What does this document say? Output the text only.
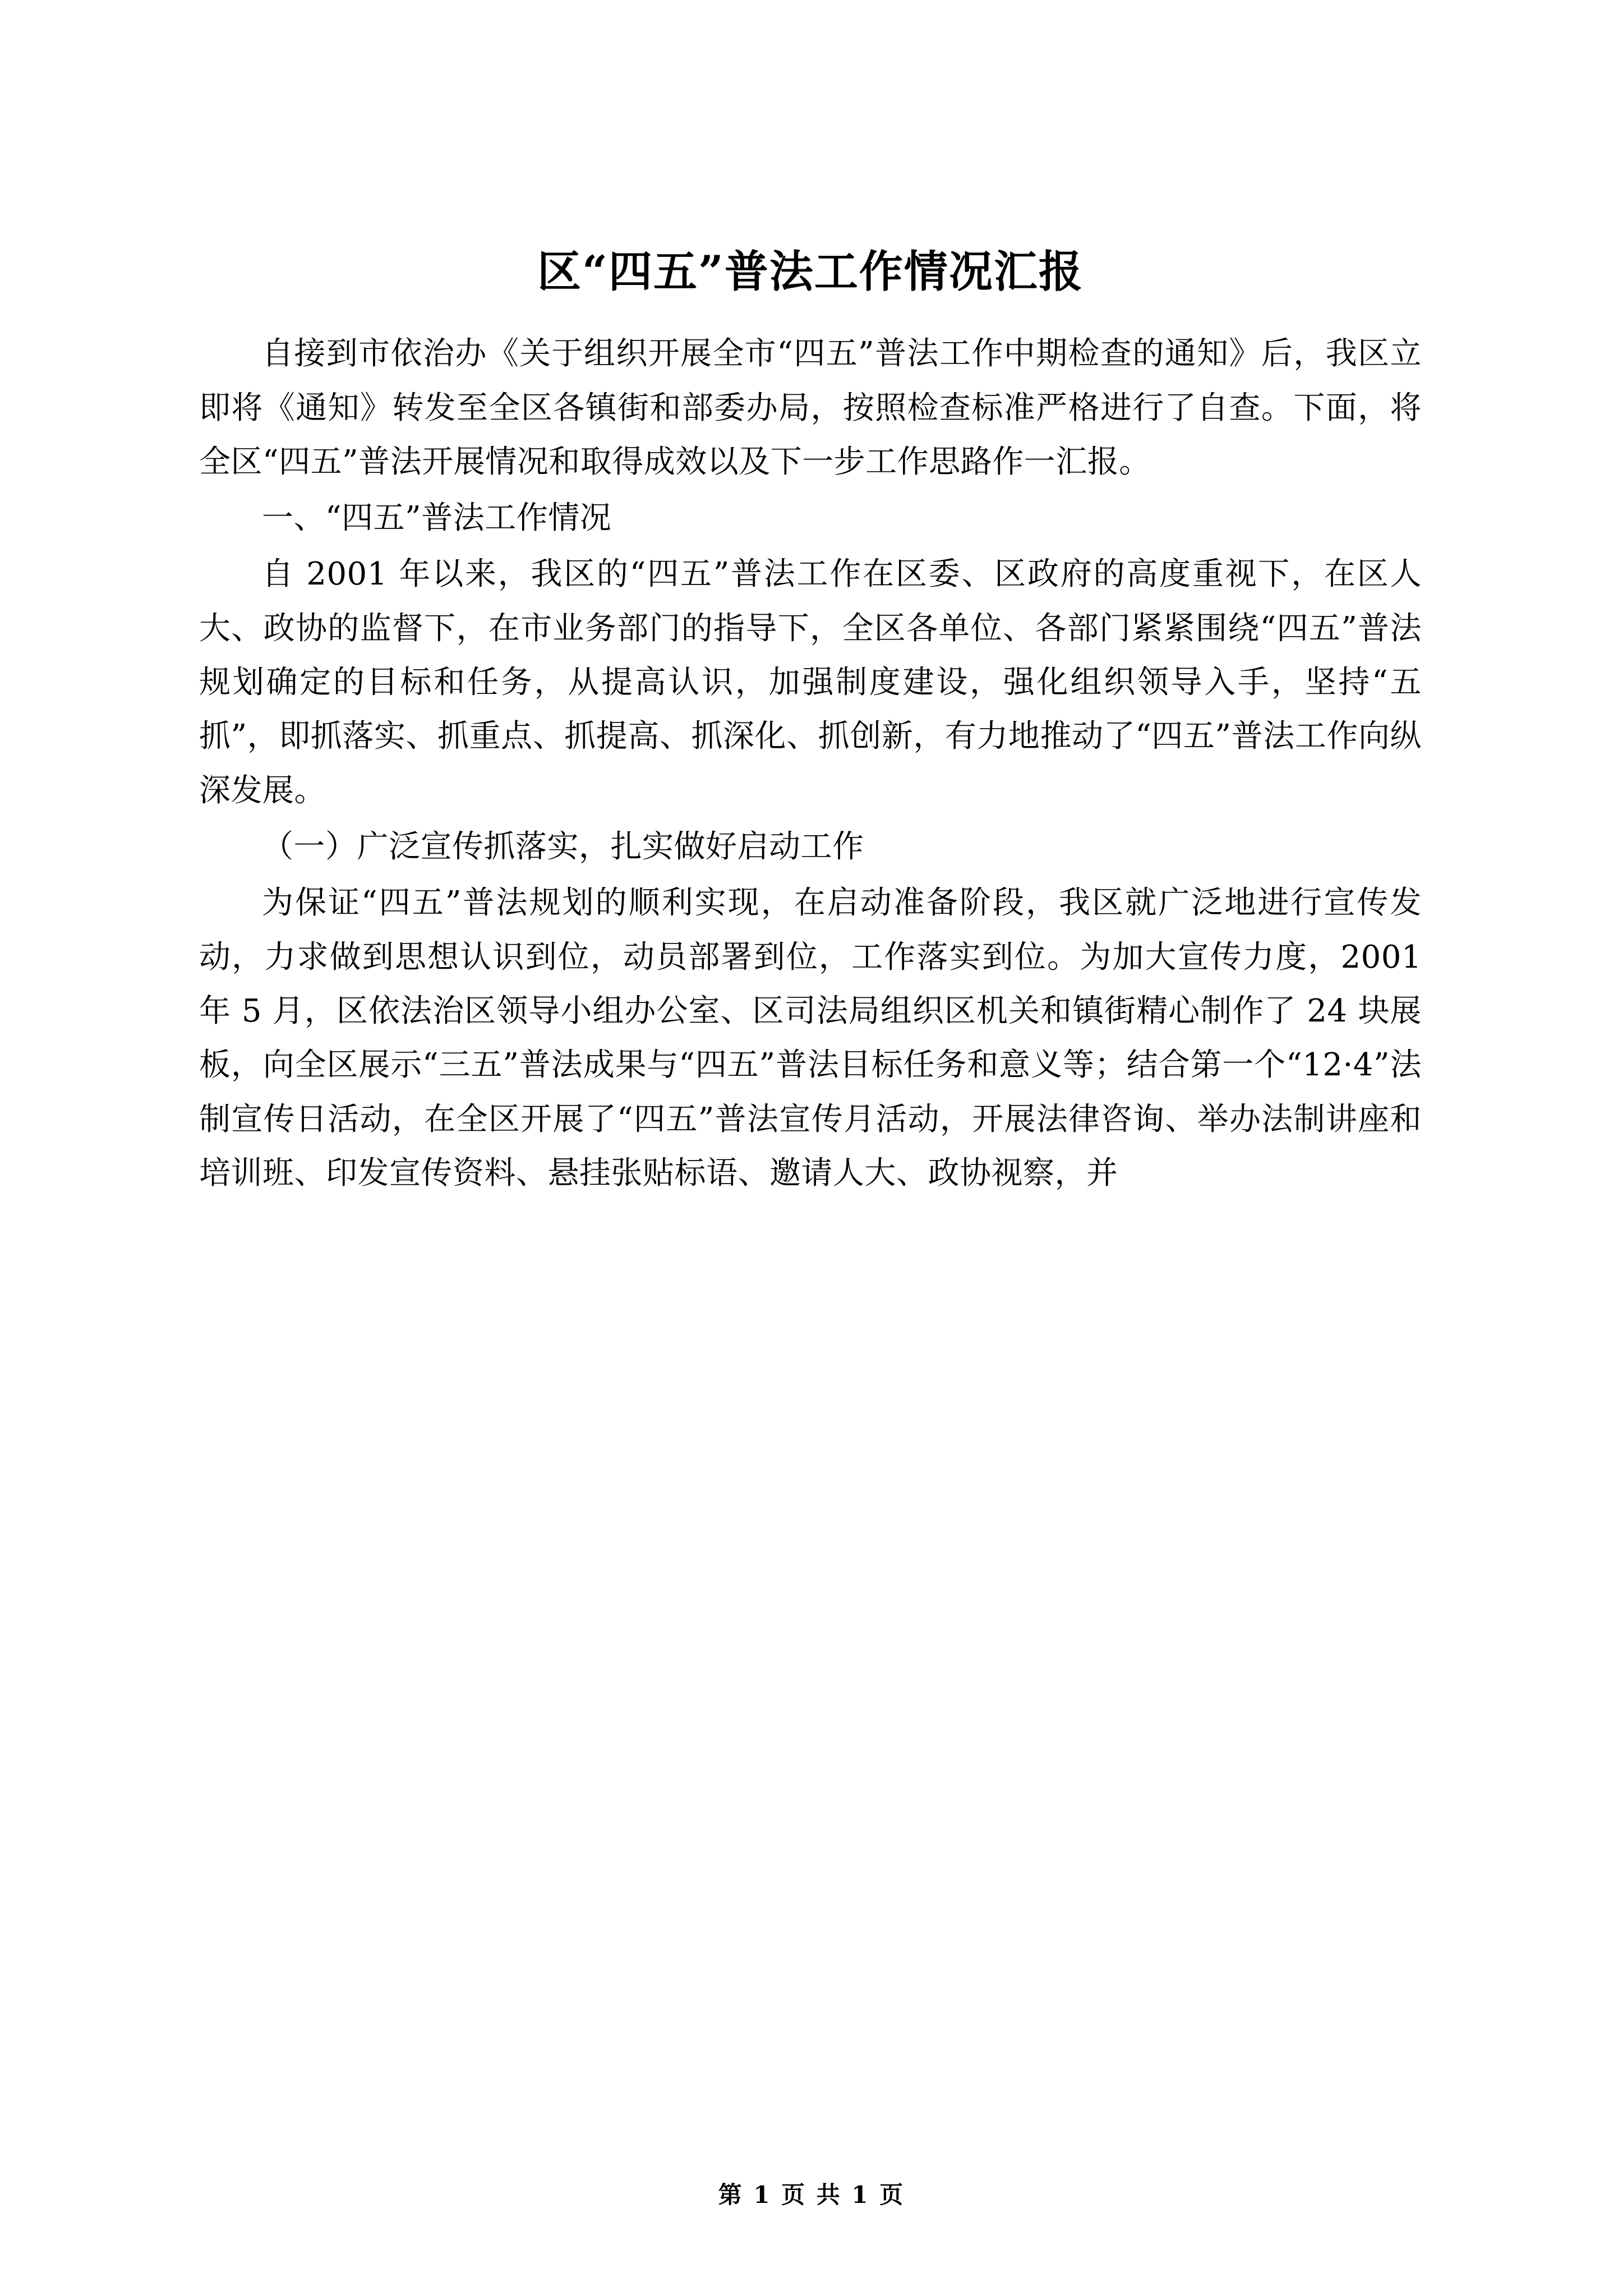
区“四五”普法工作情况汇报

自接到市依治办《关于组织开展全市“四五”普法工作中期检查的通知》后，我区立即将《通知》转发至全区各镇街和部委办局，按照检查标准严格进行了自查。下面，将全区“四五”普法开展情况和取得成效以及下一步工作思路作一汇报。

一、“四五”普法工作情况

自 2001 年以来，我区的“四五”普法工作在区委、区政府的高度重视下，在区人大、政协的监督下，在市业务部门的指导下，全区各单位、各部门紧紧围绕“四五”普法规划确定的目标和任务，从提高认识，加强制度建设，强化组织领导入手，坚持“五抓”，即抓落实、抓重点、抓提高、抓深化、抓创新，有力地推动了“四五”普法工作向纵深发展。

（一）广泛宣传抓落实，扎实做好启动工作

为保证“四五”普法规划的顺利实现，在启动准备阶段，我区就广泛地进行宣传发动，力求做到思想认识到位，动员部署到位，工作落实到位。为加大宣传力度，2001 年 5 月，区依法治区领导小组办公室、区司法局组织区机关和镇街精心制作了 24 块展板，向全区展示“三五”普法成果与“四五”普法目标任务和意义等；结合第一个“12·4”法制宣传日活动，在全区开展了“四五”普法宣传月活动，开展法律咨询、举办法制讲座和培训班、印发宣传资料、悬挂张贴标语、邀请人大、政协视察，并

第 1 页 共 1 页
